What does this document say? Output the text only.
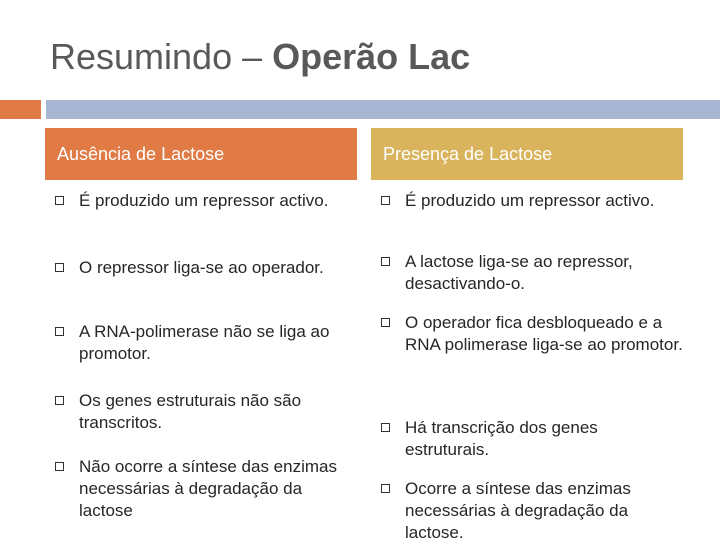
Resumindo – Operão Lac
Ausência de Lactose
É produzido um repressor activo.
O repressor liga-se ao operador.
A RNA-polimerase não se liga ao promotor.
Os genes estruturais não são transcritos.
Não ocorre a síntese das enzimas necessárias à degradação da lactose
Presença de Lactose
É produzido um repressor activo.
A lactose liga-se ao repressor, desactivando-o.
O operador fica desbloqueado e a RNA polimerase liga-se ao promotor.
Há transcrição dos genes estruturais.
Ocorre a síntese das enzimas necessárias à degradação da lactose.
